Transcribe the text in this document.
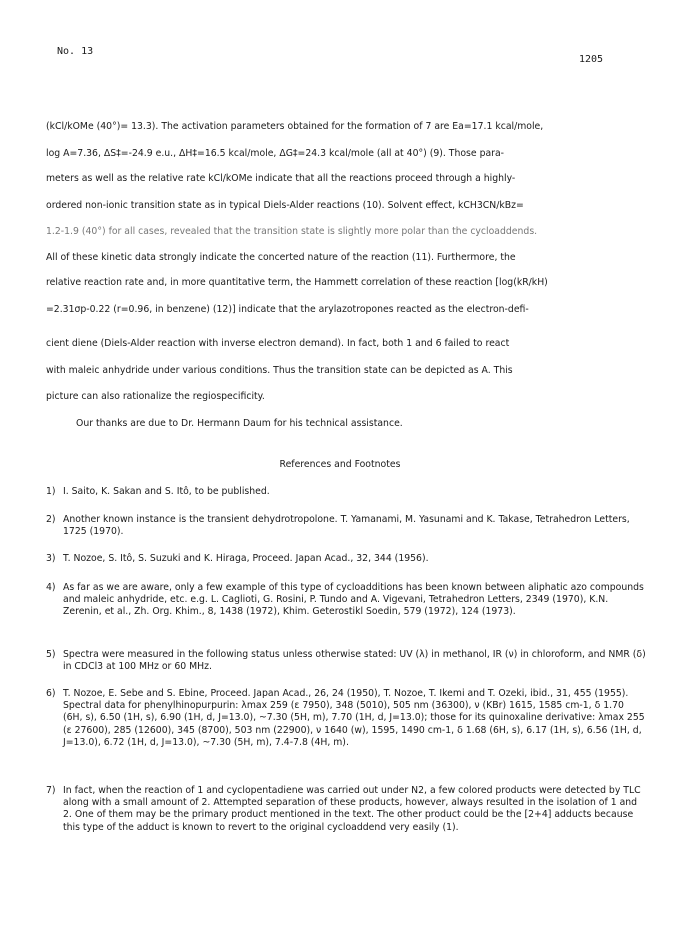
No. 13
1205
(kCl/kOMe (40°)= 13.3). The activation parameters obtained for the formation of 7 are Ea=17.1 kcal/mole,
log A=7.36, ΔS‡=-24.9 e.u., ΔH‡=16.5 kcal/mole, ΔG‡=24.3 kcal/mole (all at 40°) (9). Those para-
meters as well as the relative rate kCl/kOMe indicate that all the reactions proceed through a highly-
ordered non-ionic transition state as in typical Diels-Alder reactions (10). Solvent effect, kCH3CN/kBz=
1.2-1.9 (40°) for all cases, revealed that the transition state is slightly more polar than the cycloaddends.
All of these kinetic data strongly indicate the concerted nature of the reaction (11). Furthermore, the
relative reaction rate and, in more quantitative term, the Hammett correlation of these reaction [log(kR/kH)
=2.31σp-0.22 (r=0.96, in benzene) (12)] indicate that the arylazotropones reacted as the electron-defi-
cient diene (Diels-Alder reaction with inverse electron demand). In fact, both 1 and 6 failed to react
with maleic anhydride under various conditions. Thus the transition state can be depicted as A. This
picture can also rationalize the regiospecificity.
Our thanks are due to Dr. Hermann Daum for his technical assistance.
References and Footnotes
1) I. Saito, K. Sakan and S. Itô, to be published.
2) Another known instance is the transient dehydrotropolone. T. Yamanami, M. Yasunami and K. Takase, Tetrahedron Letters, 1725 (1970).
3) T. Nozoe, S. Itô, S. Suzuki and K. Hiraga, Proceed. Japan Acad., 32, 344 (1956).
4) As far as we are aware, only a few example of this type of cycloadditions has been known between aliphatic azo compounds and maleic anhydride, etc. e.g. L. Caglioti, G. Rosini, P. Tundo and A. Vigevani, Tetrahedron Letters, 2349 (1970), K.N. Zerenin, et al., Zh. Org. Khim., 8, 1438 (1972), Khim. Geterostikl Soedin, 579 (1972), 124 (1973).
5) Spectra were measured in the following status unless otherwise stated: UV (λ) in methanol, IR (ν) in chloroform, and NMR (δ) in CDCl3 at 100 MHz or 60 MHz.
6) T. Nozoe, E. Sebe and S. Ebine, Proceed. Japan Acad., 26, 24 (1950), T. Nozoe, T. Ikemi and T. Ozeki, ibid., 31, 455 (1955). Spectral data for phenylhinopurpurin: λmax 259 (ε 7950), 348 (5010), 505 nm (36300), ν (KBr) 1615, 1585 cm-1, δ 1.70 (6H, s), 6.50 (1H, s), 6.90 (1H, d, J=13.0), ~7.30 (5H, m), 7.70 (1H, d, J=13.0); those for its quinoxaline derivative: λmax 255 (ε 27600), 285 (12600), 345 (8700), 503 nm (22900), ν 1640 (w), 1595, 1490 cm-1, δ 1.68 (6H, s), 6.17 (1H, s), 6.56 (1H, d, J=13.0), 6.72 (1H, d, J=13.0), ~7.30 (5H, m), 7.4-7.8 (4H, m).
7) In fact, when the reaction of 1 and cyclopentadiene was carried out under N2, a few colored products were detected by TLC along with a small amount of 2. Attempted separation of these products, however, always resulted in the isolation of 1 and 2. One of them may be the primary product mentioned in the text. The other product could be the [2+4] adducts because this type of the adduct is known to revert to the original cycloaddend very easily (1).
